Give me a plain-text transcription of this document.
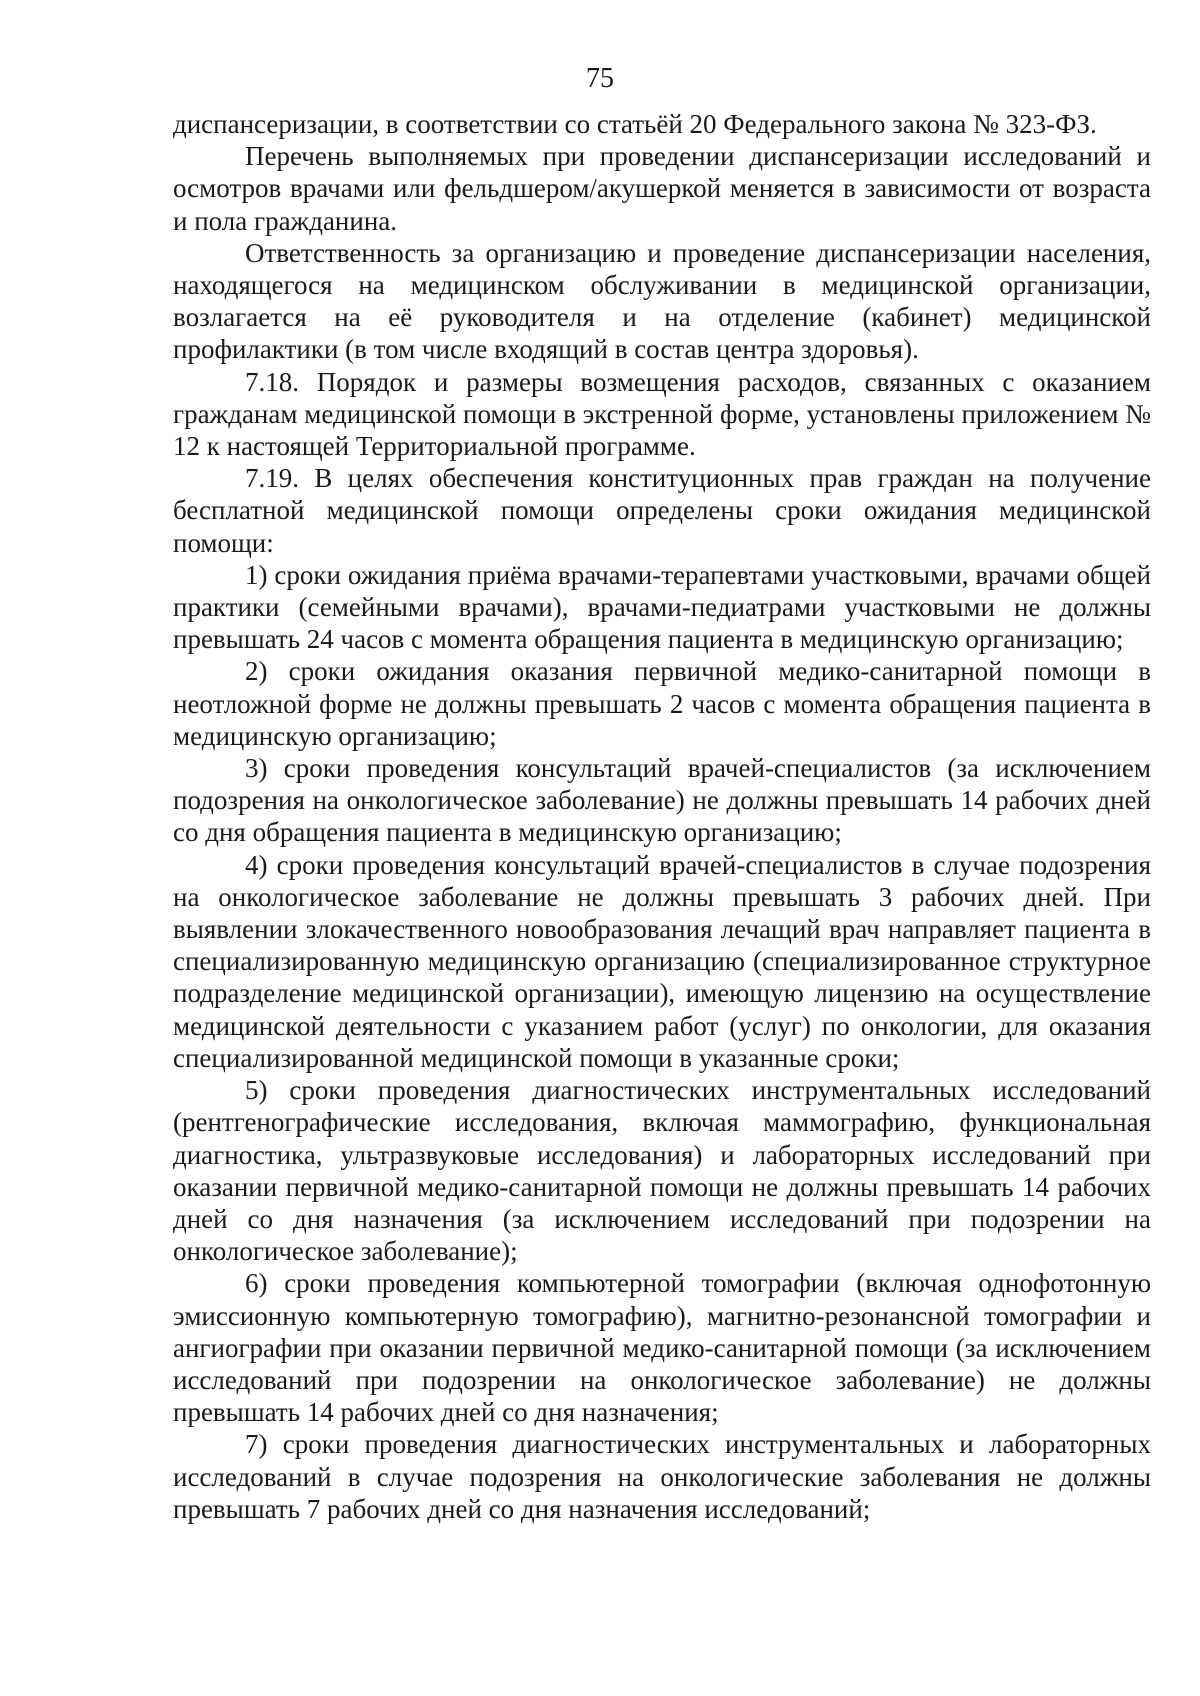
75

диспансеризации, в соответствии со статьёй 20 Федерального закона № 323-ФЗ.

Перечень выполняемых при проведении диспансеризации исследований и осмотров врачами или фельдшером/акушеркой меняется в зависимости от возраста и пола гражданина.

Ответственность за организацию и проведение диспансеризации населения, находящегося на медицинском обслуживании в медицинской организации, возлагается на её руководителя и на отделение (кабинет) медицинской профилактики (в том числе входящий в состав центра здоровья).

7.18. Порядок и размеры возмещения расходов, связанных с оказанием гражданам медицинской помощи в экстренной форме, установлены приложением № 12 к настоящей Территориальной программе.

7.19. В целях обеспечения конституционных прав граждан на получение бесплатной медицинской помощи определены сроки ожидания медицинской помощи:

1) сроки ожидания приёма врачами-терапевтами участковыми, врачами общей практики (семейными врачами), врачами-педиатрами участковыми не должны превышать 24 часов с момента обращения пациента в медицинскую организацию;

2) сроки ожидания оказания первичной медико-санитарной помощи в неотложной форме не должны превышать 2 часов с момента обращения пациента в медицинскую организацию;

3) сроки проведения консультаций врачей-специалистов (за исключением подозрения на онкологическое заболевание) не должны превышать 14 рабочих дней со дня обращения пациента в медицинскую организацию;

4) сроки проведения консультаций врачей-специалистов в случае подозрения на онкологическое заболевание не должны превышать 3 рабочих дней. При выявлении злокачественного новообразования лечащий врач направляет пациента в специализированную медицинскую организацию (специализированное структурное подразделение медицинской организации), имеющую лицензию на осуществление медицинской деятельности с указанием работ (услуг) по онкологии, для оказания специализированной медицинской помощи в указанные сроки;

5) сроки проведения диагностических инструментальных исследований (рентгенографические исследования, включая маммографию, функциональная диагностика, ультразвуковые исследования) и лабораторных исследований при оказании первичной медико-санитарной помощи не должны превышать 14 рабочих дней со дня назначения (за исключением исследований при подозрении на онкологическое заболевание);

6) сроки проведения компьютерной томографии (включая однофотонную эмиссионную компьютерную томографию), магнитно-резонансной томографии и ангиографии при оказании первичной медико-санитарной помощи (за исключением исследований при подозрении на онкологическое заболевание) не должны превышать 14 рабочих дней со дня назначения;

7) сроки проведения диагностических инструментальных и лабораторных исследований в случае подозрения на онкологические заболевания не должны превышать 7 рабочих дней со дня назначения исследований;
